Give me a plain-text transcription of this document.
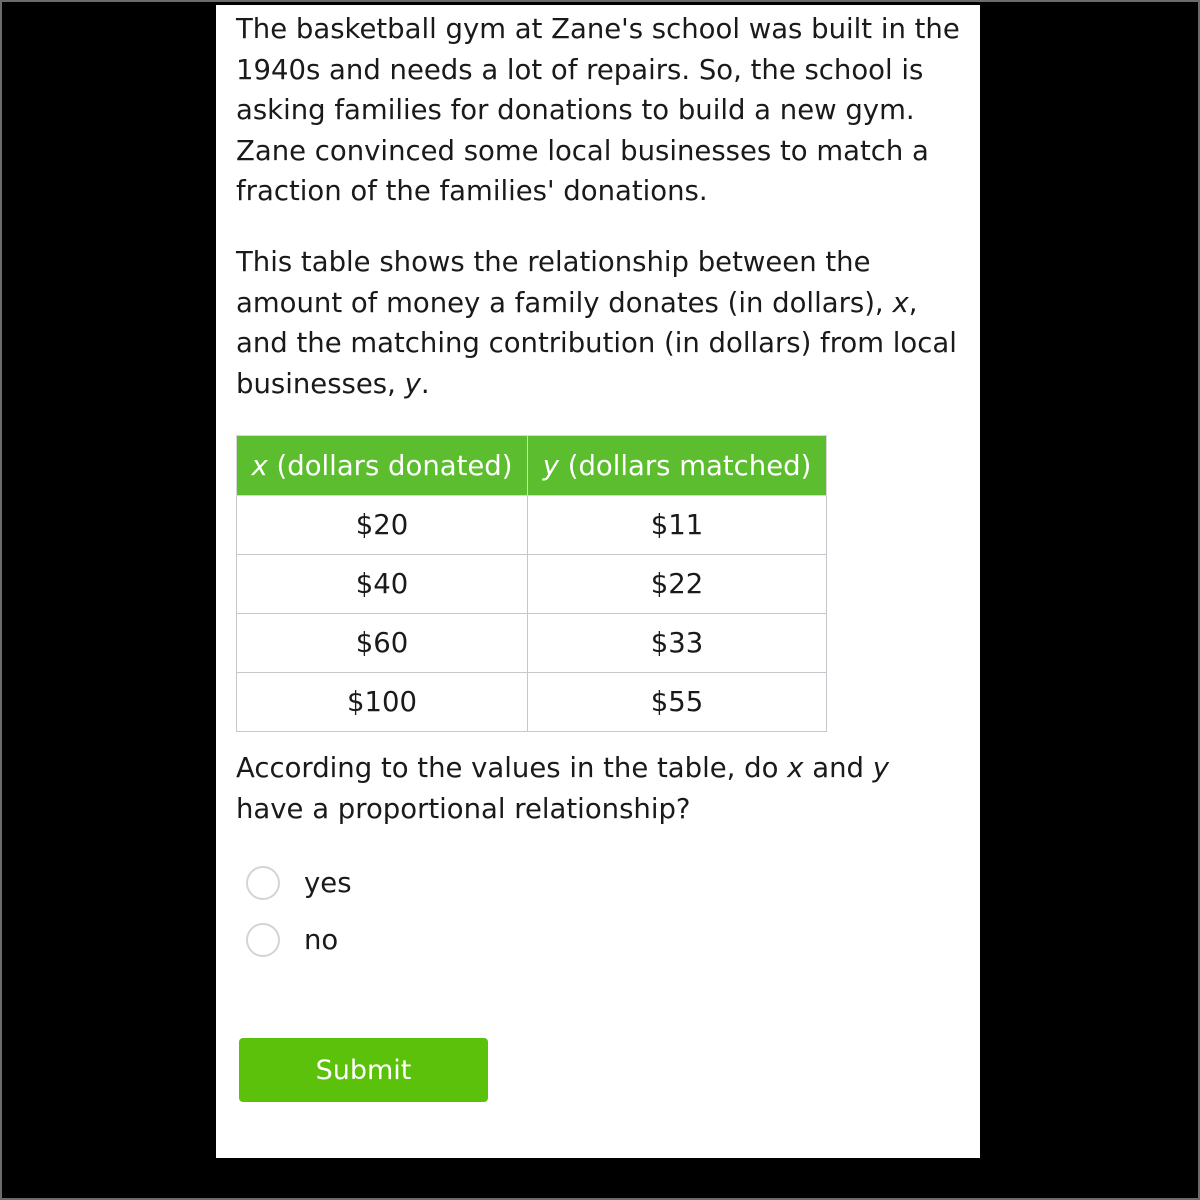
The basketball gym at Zane's school was built in the 1940s and needs a lot of repairs. So, the school is asking families for donations to build a new gym. Zane convinced some local businesses to match a fraction of the families' donations.

This table shows the relationship between the amount of money a family donates (in dollars), x, and the matching contribution (in dollars) from local businesses, y.

x (dollars donated)	y (dollars matched)
$20	$11
$40	$22
$60	$33
$100	$55

According to the values in the table, do x and y
have a proportional relationship?

yes
no
Submit
